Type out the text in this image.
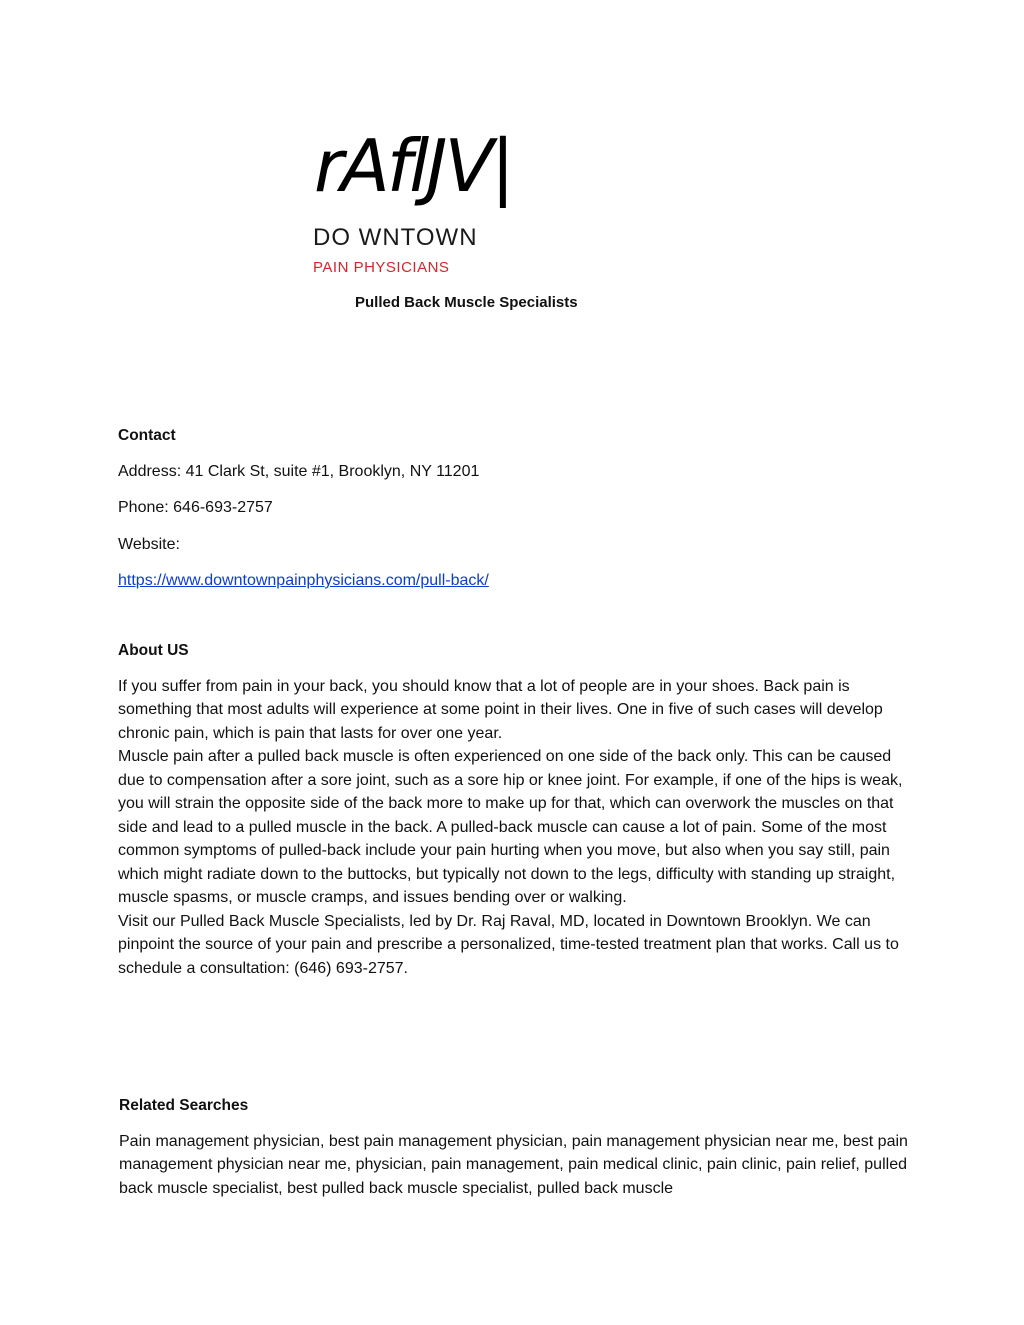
rAflJV|
DO WNTOWN
PAIN PHYSICIANS
Pulled Back Muscle Specialists

Contact

Address: 41 Clark St, suite #1, Brooklyn, NY 11201

Phone: 646-693-2757

Website:

https://www.downtownpainphysicians.com/pull-back/

About US

If you suffer from pain in your back, you should know that a lot of people are in your shoes. Back pain is something that most adults will experience at some point in their lives. One in five of such cases will develop chronic pain, which is pain that lasts for over one year.

Muscle pain after a pulled back muscle is often experienced on one side of the back only. This can be caused due to compensation after a sore joint, such as a sore hip or knee joint. For example, if one of the hips is weak, you will strain the opposite side of the back more to make up for that, which can overwork the muscles on that side and lead to a pulled muscle in the back. A pulled-back muscle can cause a lot of pain. Some of the most common symptoms of pulled-back include your pain hurting when you move, but also when you say still, pain which might radiate down to the buttocks, but typically not down to the legs, difficulty with standing up straight, muscle spasms, or muscle cramps, and issues bending over or walking.

Visit our Pulled Back Muscle Specialists, led by Dr. Raj Raval, MD, located in Downtown Brooklyn. We can pinpoint the source of your pain and prescribe a personalized, time-tested treatment plan that works. Call us to schedule a consultation: (646) 693-2757.

Related Searches

Pain management physician, best pain management physician, pain management physician near me, best pain management physician near me, physician, pain management, pain medical clinic, pain clinic, pain relief, pulled back muscle specialist, best pulled back muscle specialist, pulled back muscle
